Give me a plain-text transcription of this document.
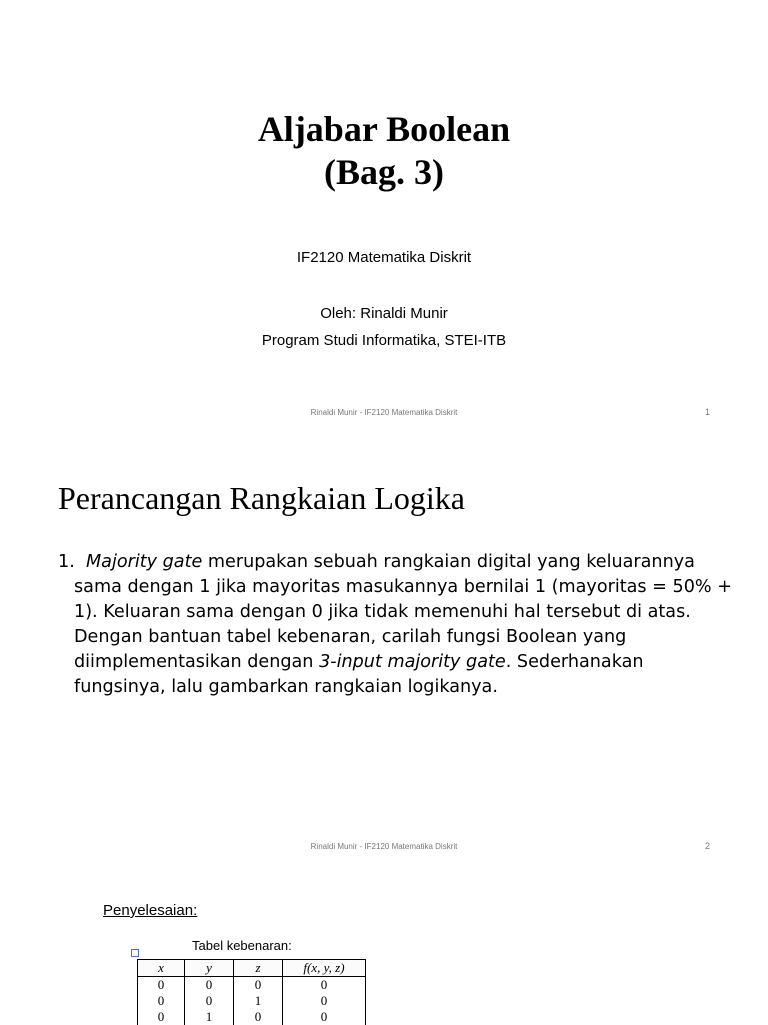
Aljabar Boolean
(Bag. 3)
IF2120 Matematika Diskrit
Oleh: Rinaldi Munir
Program Studi Informatika, STEI-ITB
Rinaldi Munir - IF2120 Matematika Diskrit	1
Perancangan Rangkaian Logika
1. Majority gate merupakan sebuah rangkaian digital yang keluarannya sama dengan 1 jika mayoritas masukannya bernilai 1 (mayoritas = 50% + 1). Keluaran sama dengan 0 jika tidak memenuhi hal tersebut di atas. Dengan bantuan tabel kebenaran, carilah fungsi Boolean yang diimplementasikan dengan 3-input majority gate. Sederhanakan fungsinya, lalu gambarkan rangkaian logikanya.
Rinaldi Munir - IF2120 Matematika Diskrit	2
Penyelesaian:
Tabel kebenaran:
x	y	z	f(x, y, z)
0	0	0	0
0	0	1	0
0	1	0	0
